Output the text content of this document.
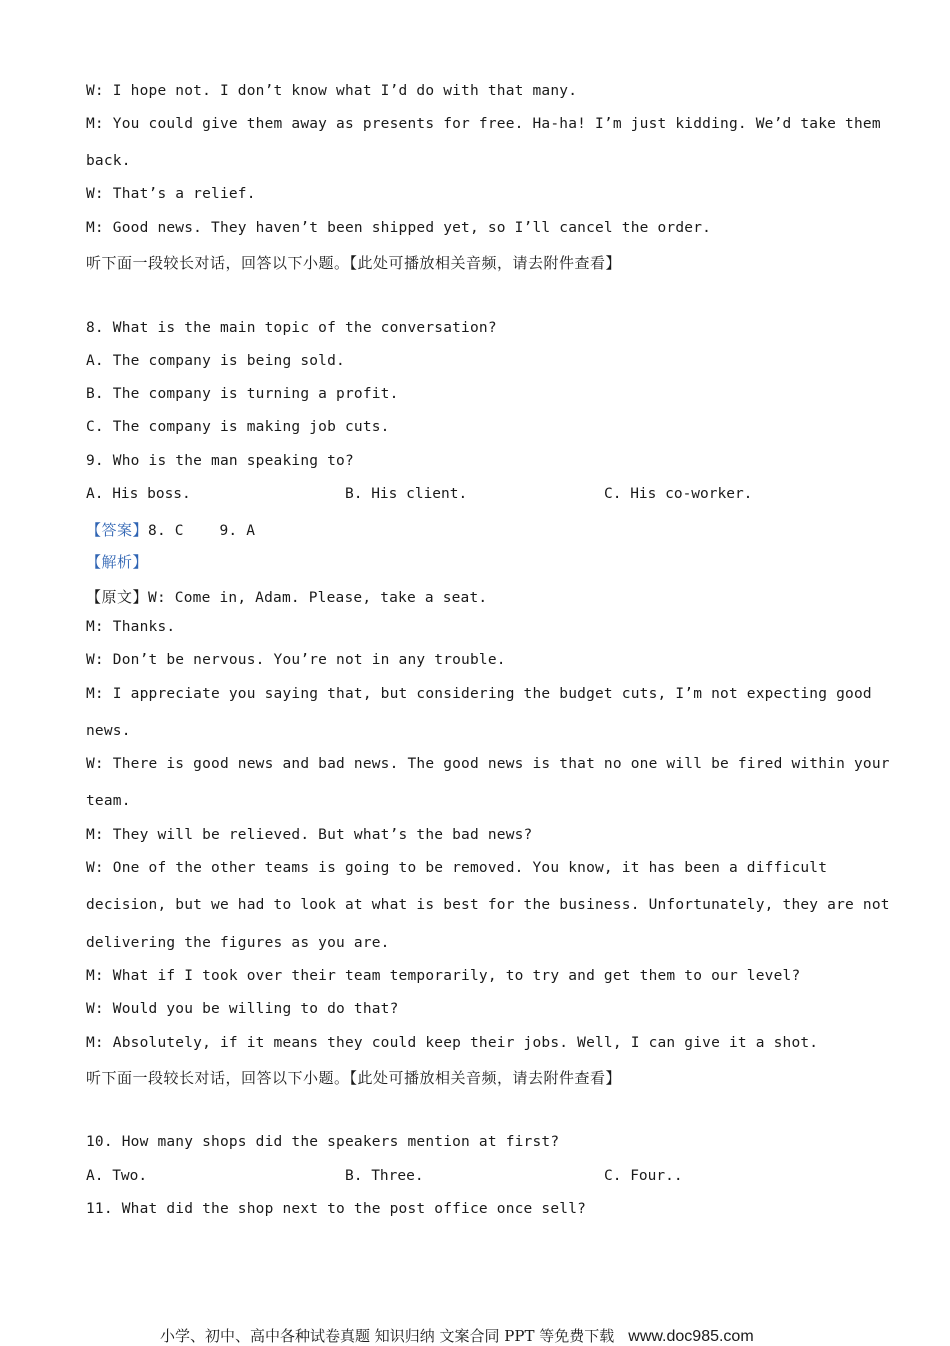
W: I hope not. I don’t know what I’d do with that many.
M: You could give them away as presents for free. Ha-ha! I’m just kidding. We’d take them
back.
W: That’s a relief.
M: Good news. They haven’t been shipped yet, so I’ll cancel the order.
听下面一段较长对话，回答以下小题。【此处可播放相关音频，请去附件查看】
8. What is the main topic of the conversation?
A. The company is being sold.
B. The company is turning a profit.
C. The company is making job cuts.
9. Who is the man speaking to?
A. His boss.	B. His client.	C. His co-worker.
【答案】8. C    9. A
【解析】
【原文】W: Come in, Adam. Please, take a seat.
M: Thanks.
W: Don’t be nervous. You’re not in any trouble.
M: I appreciate you saying that, but considering the budget cuts, I’m not expecting good
news.
W: There is good news and bad news. The good news is that no one will be fired within your
team.
M: They will be relieved. But what’s the bad news?
W: One of the other teams is going to be removed. You know, it has been a difficult
decision, but we had to look at what is best for the business. Unfortunately, they are not
delivering the figures as you are.
M: What if I took over their team temporarily, to try and get them to our level?
W: Would you be willing to do that?
M: Absolutely, if it means they could keep their jobs. Well, I can give it a shot.
听下面一段较长对话，回答以下小题。【此处可播放相关音频，请去附件查看】
10. How many shops did the speakers mention at first?
A. Two.	B. Three.	C. Four..
11. What did the shop next to the post office once sell?
小学、初中、高中各种试卷真题 知识归纳 文案合同 PPT 等免费下载 www.doc985.com
